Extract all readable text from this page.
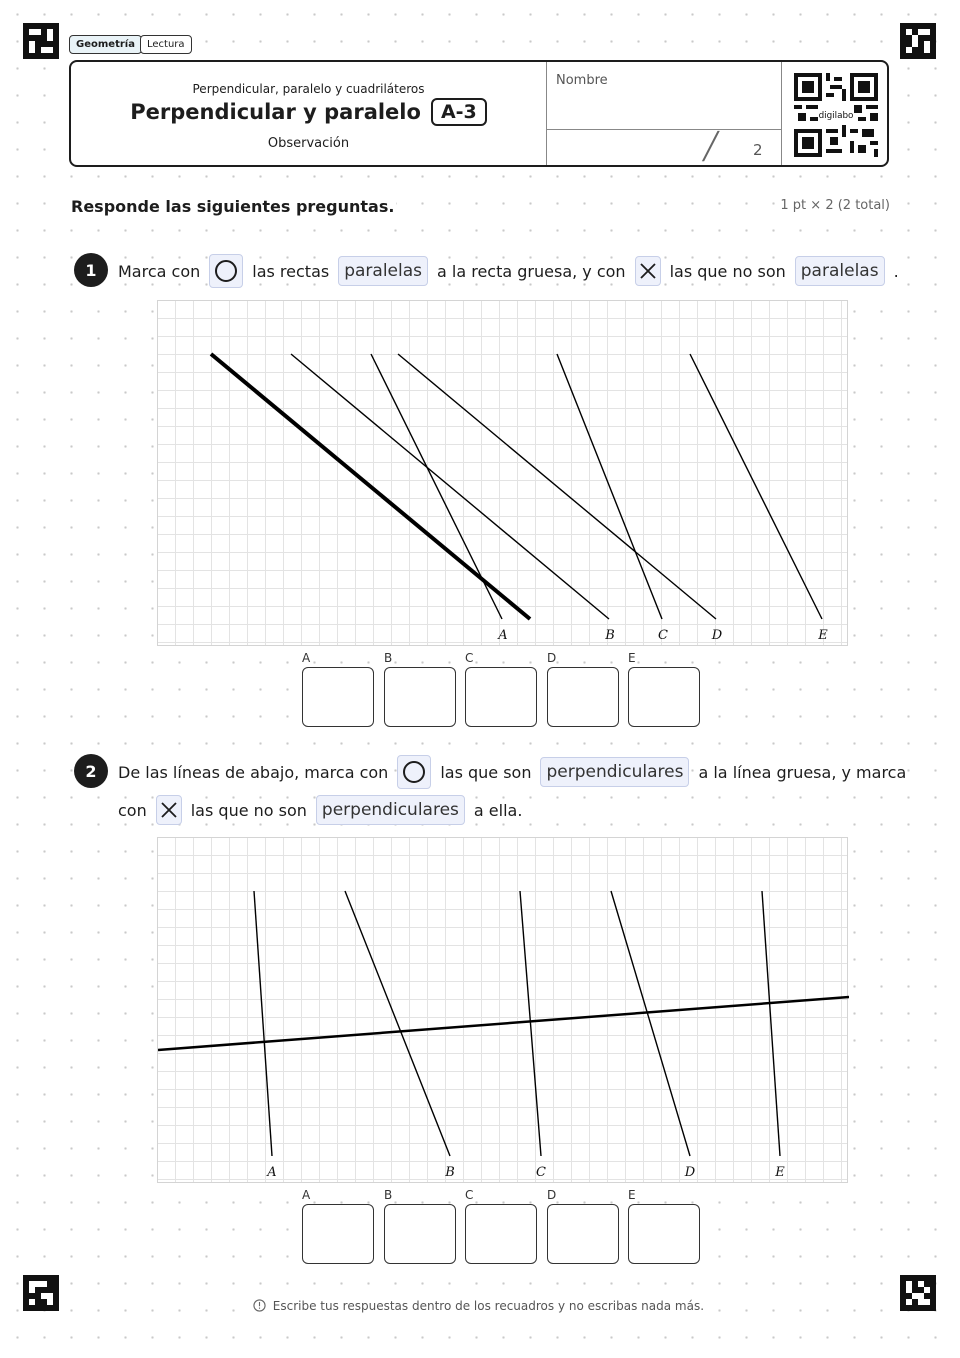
Geometría	Lectura
Perpendicular, paralelo y cuadriláteros
Perpendicular y paralelo	A-3
Observación
Nombre
╱ 2
digilabo
Responde las siguientes preguntas.	1 pt × 2 (2 total)
1	Marca con	las rectas paralelas a la recta gruesa, y con	las que no son paralelas .
A	B	C	D	E
A	B	C	D	E
2	De las líneas de abajo, marca con	las que son perpendiculares a la línea gruesa, y marca
con	las que no son perpendiculares a ella.
A	B	C	D	E
A	B	C	D	E
Escribe tus respuestas dentro de los recuadros y no escribas nada más.
